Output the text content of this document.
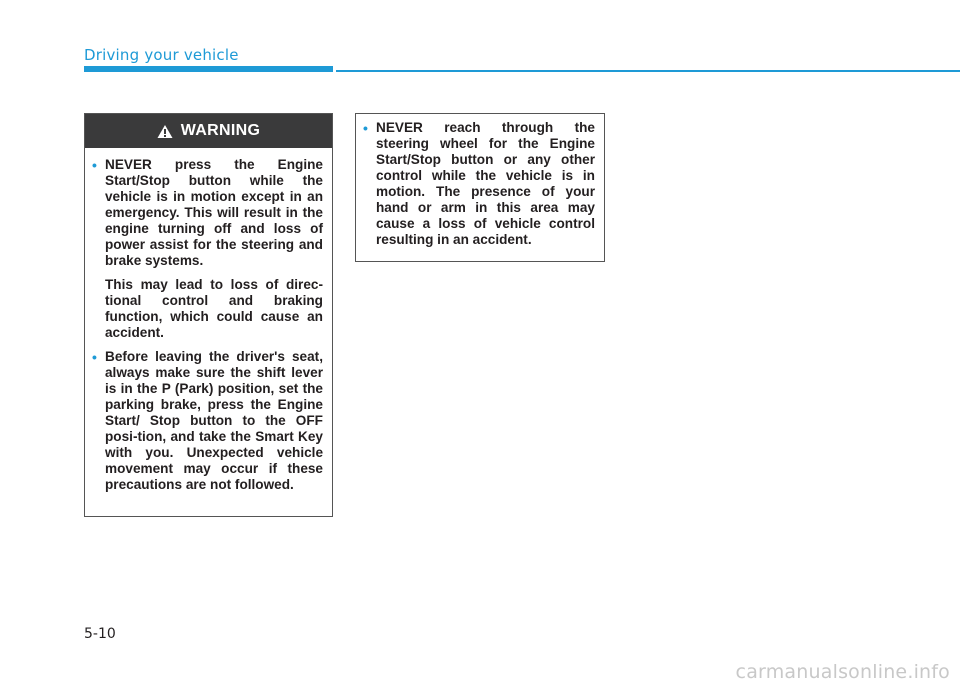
Driving your vehicle
WARNING
• NEVER press the Engine Start/Stop button while the vehicle is in motion except in an emergency. This will result in the engine turning off and loss of power assist for the steering and brake systems.

This may lead to loss of direc-tional control and braking function, which could cause an accident.

• Before leaving the driver's seat, always make sure the shift lever is in the P (Park) position, set the parking brake, press the Engine Start/ Stop button to the OFF posi-tion, and take the Smart Key with you. Unexpected vehicle movement may occur if these precautions are not followed.

• NEVER reach through the steering wheel for the Engine Start/Stop button or any other control while the vehicle is in motion. The presence of your hand or arm in this area may cause a loss of vehicle control resulting in an accident.

5-10
carmanualsonline.info
